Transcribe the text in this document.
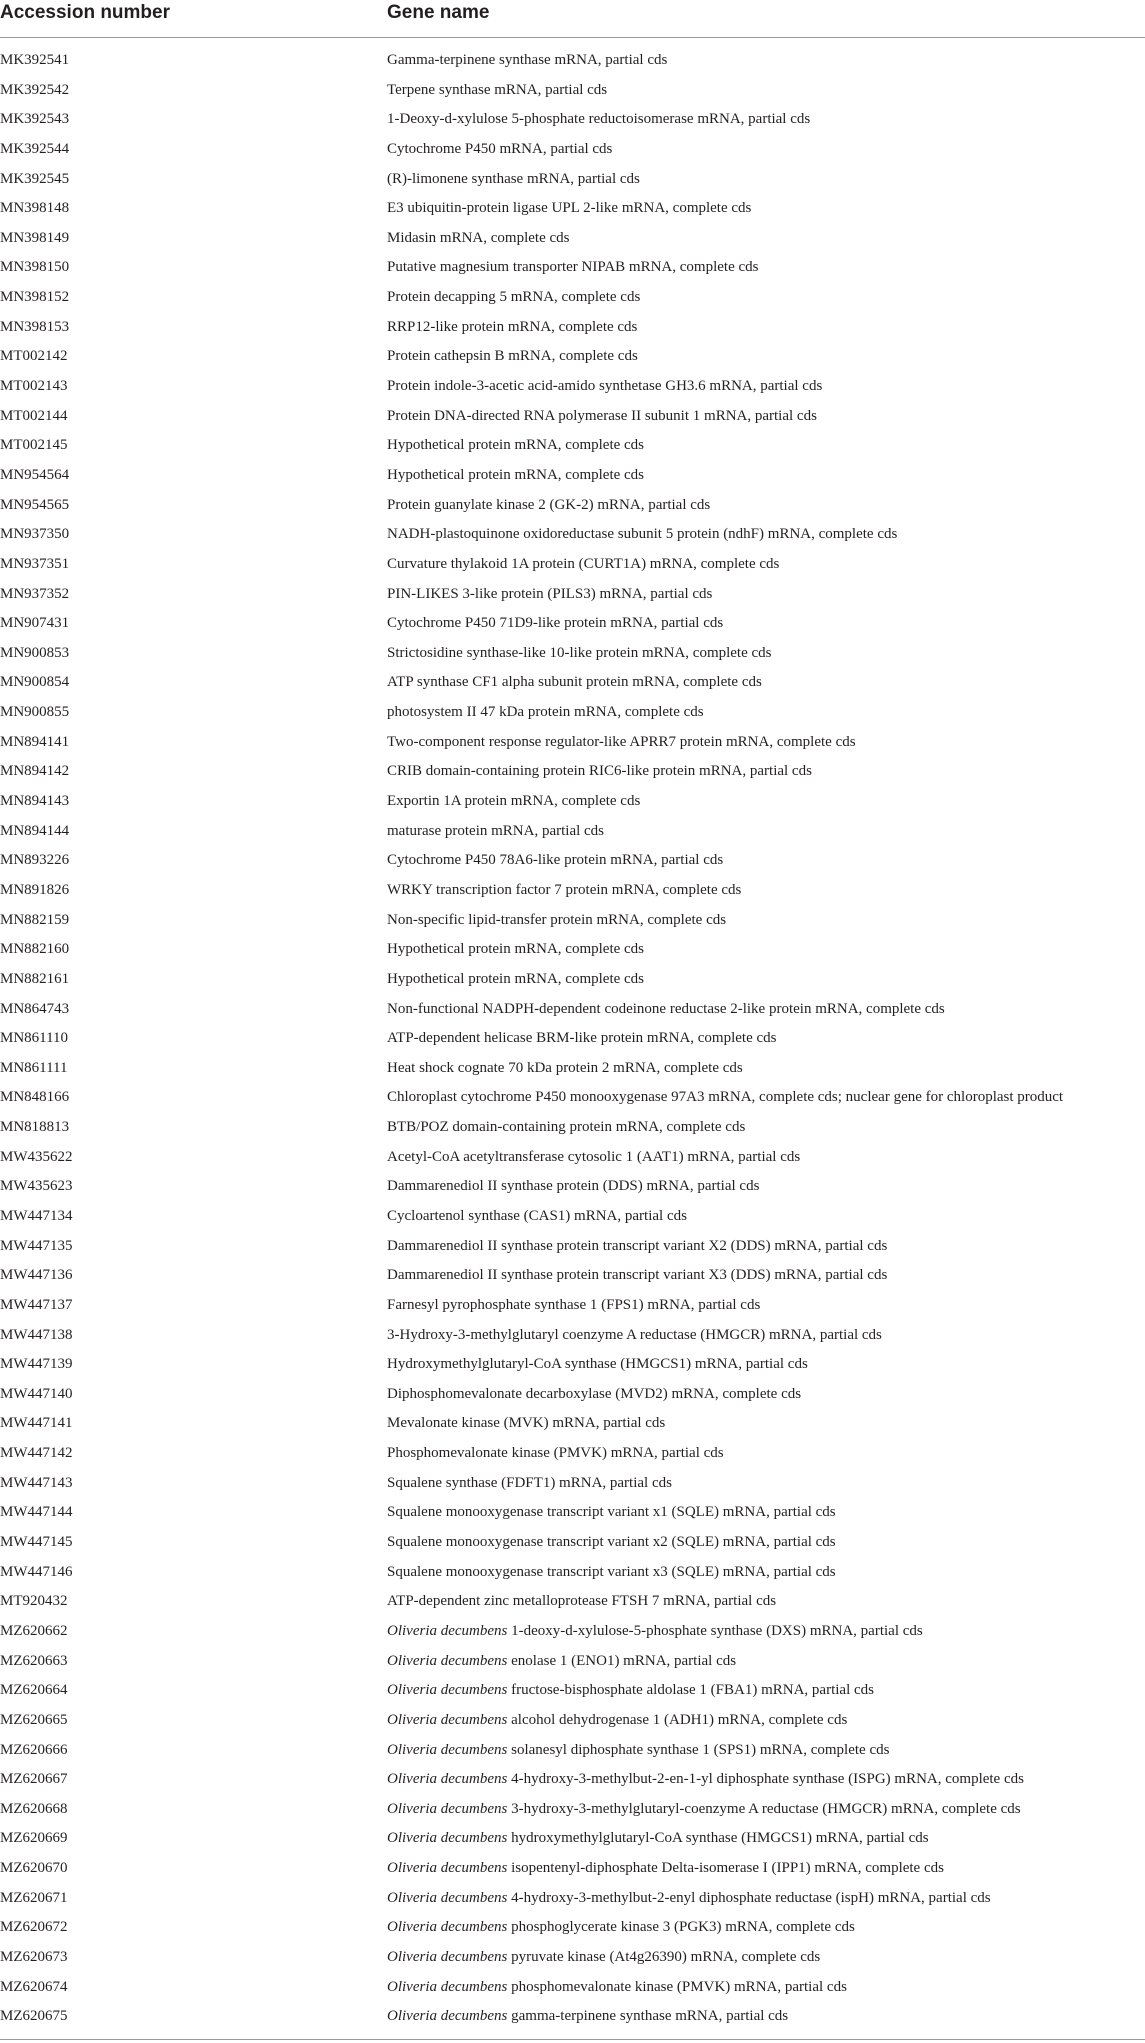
Accession number	Gene name
MK392541	Gamma-terpinene synthase mRNA, partial cds
MK392542	Terpene synthase mRNA, partial cds
MK392543	1-Deoxy-d-xylulose 5-phosphate reductoisomerase mRNA, partial cds
MK392544	Cytochrome P450 mRNA, partial cds
MK392545	(R)-limonene synthase mRNA, partial cds
MN398148	E3 ubiquitin-protein ligase UPL 2-like mRNA, complete cds
MN398149	Midasin mRNA, complete cds
MN398150	Putative magnesium transporter NIPAB mRNA, complete cds
MN398152	Protein decapping 5 mRNA, complete cds
MN398153	RRP12-like protein mRNA, complete cds
MT002142	Protein cathepsin B mRNA, complete cds
MT002143	Protein indole-3-acetic acid-amido synthetase GH3.6 mRNA, partial cds
MT002144	Protein DNA-directed RNA polymerase II subunit 1 mRNA, partial cds
MT002145	Hypothetical protein mRNA, complete cds
MN954564	Hypothetical protein mRNA, complete cds
MN954565	Protein guanylate kinase 2 (GK-2) mRNA, partial cds
MN937350	NADH-plastoquinone oxidoreductase subunit 5 protein (ndhF) mRNA, complete cds
MN937351	Curvature thylakoid 1A protein (CURT1A) mRNA, complete cds
MN937352	PIN-LIKES 3-like protein (PILS3) mRNA, partial cds
MN907431	Cytochrome P450 71D9-like protein mRNA, partial cds
MN900853	Strictosidine synthase-like 10-like protein mRNA, complete cds
MN900854	ATP synthase CF1 alpha subunit protein mRNA, complete cds
MN900855	photosystem II 47 kDa protein mRNA, complete cds
MN894141	Two-component response regulator-like APRR7 protein mRNA, complete cds
MN894142	CRIB domain-containing protein RIC6-like protein mRNA, partial cds
MN894143	Exportin 1A protein mRNA, complete cds
MN894144	maturase protein mRNA, partial cds
MN893226	Cytochrome P450 78A6-like protein mRNA, partial cds
MN891826	WRKY transcription factor 7 protein mRNA, complete cds
MN882159	Non-specific lipid-transfer protein mRNA, complete cds
MN882160	Hypothetical protein mRNA, complete cds
MN882161	Hypothetical protein mRNA, complete cds
MN864743	Non-functional NADPH-dependent codeinone reductase 2-like protein mRNA, complete cds
MN861110	ATP-dependent helicase BRM-like protein mRNA, complete cds
MN861111	Heat shock cognate 70 kDa protein 2 mRNA, complete cds
MN848166	Chloroplast cytochrome P450 monooxygenase 97A3 mRNA, complete cds; nuclear gene for chloroplast product
MN818813	BTB/POZ domain-containing protein mRNA, complete cds
MW435622	Acetyl-CoA acetyltransferase cytosolic 1 (AAT1) mRNA, partial cds
MW435623	Dammarenediol II synthase protein (DDS) mRNA, partial cds
MW447134	Cycloartenol synthase (CAS1) mRNA, partial cds
MW447135	Dammarenediol II synthase protein transcript variant X2 (DDS) mRNA, partial cds
MW447136	Dammarenediol II synthase protein transcript variant X3 (DDS) mRNA, partial cds
MW447137	Farnesyl pyrophosphate synthase 1 (FPS1) mRNA, partial cds
MW447138	3-Hydroxy-3-methylglutaryl coenzyme A reductase (HMGCR) mRNA, partial cds
MW447139	Hydroxymethylglutaryl-CoA synthase (HMGCS1) mRNA, partial cds
MW447140	Diphosphomevalonate decarboxylase (MVD2) mRNA, complete cds
MW447141	Mevalonate kinase (MVK) mRNA, partial cds
MW447142	Phosphomevalonate kinase (PMVK) mRNA, partial cds
MW447143	Squalene synthase (FDFT1) mRNA, partial cds
MW447144	Squalene monooxygenase transcript variant x1 (SQLE) mRNA, partial cds
MW447145	Squalene monooxygenase transcript variant x2 (SQLE) mRNA, partial cds
MW447146	Squalene monooxygenase transcript variant x3 (SQLE) mRNA, partial cds
MT920432	ATP-dependent zinc metalloprotease FTSH 7 mRNA, partial cds
MZ620662	Oliveria decumbens 1-deoxy-d-xylulose-5-phosphate synthase (DXS) mRNA, partial cds
MZ620663	Oliveria decumbens enolase 1 (ENO1) mRNA, partial cds
MZ620664	Oliveria decumbens fructose-bisphosphate aldolase 1 (FBA1) mRNA, partial cds
MZ620665	Oliveria decumbens alcohol dehydrogenase 1 (ADH1) mRNA, complete cds
MZ620666	Oliveria decumbens solanesyl diphosphate synthase 1 (SPS1) mRNA, complete cds
MZ620667	Oliveria decumbens 4-hydroxy-3-methylbut-2-en-1-yl diphosphate synthase (ISPG) mRNA, complete cds
MZ620668	Oliveria decumbens 3-hydroxy-3-methylglutaryl-coenzyme A reductase (HMGCR) mRNA, complete cds
MZ620669	Oliveria decumbens hydroxymethylglutaryl-CoA synthase (HMGCS1) mRNA, partial cds
MZ620670	Oliveria decumbens isopentenyl-diphosphate Delta-isomerase I (IPP1) mRNA, complete cds
MZ620671	Oliveria decumbens 4-hydroxy-3-methylbut-2-enyl diphosphate reductase (ispH) mRNA, partial cds
MZ620672	Oliveria decumbens phosphoglycerate kinase 3 (PGK3) mRNA, complete cds
MZ620673	Oliveria decumbens pyruvate kinase (At4g26390) mRNA, complete cds
MZ620674	Oliveria decumbens phosphomevalonate kinase (PMVK) mRNA, partial cds
MZ620675	Oliveria decumbens gamma-terpinene synthase mRNA, partial cds
